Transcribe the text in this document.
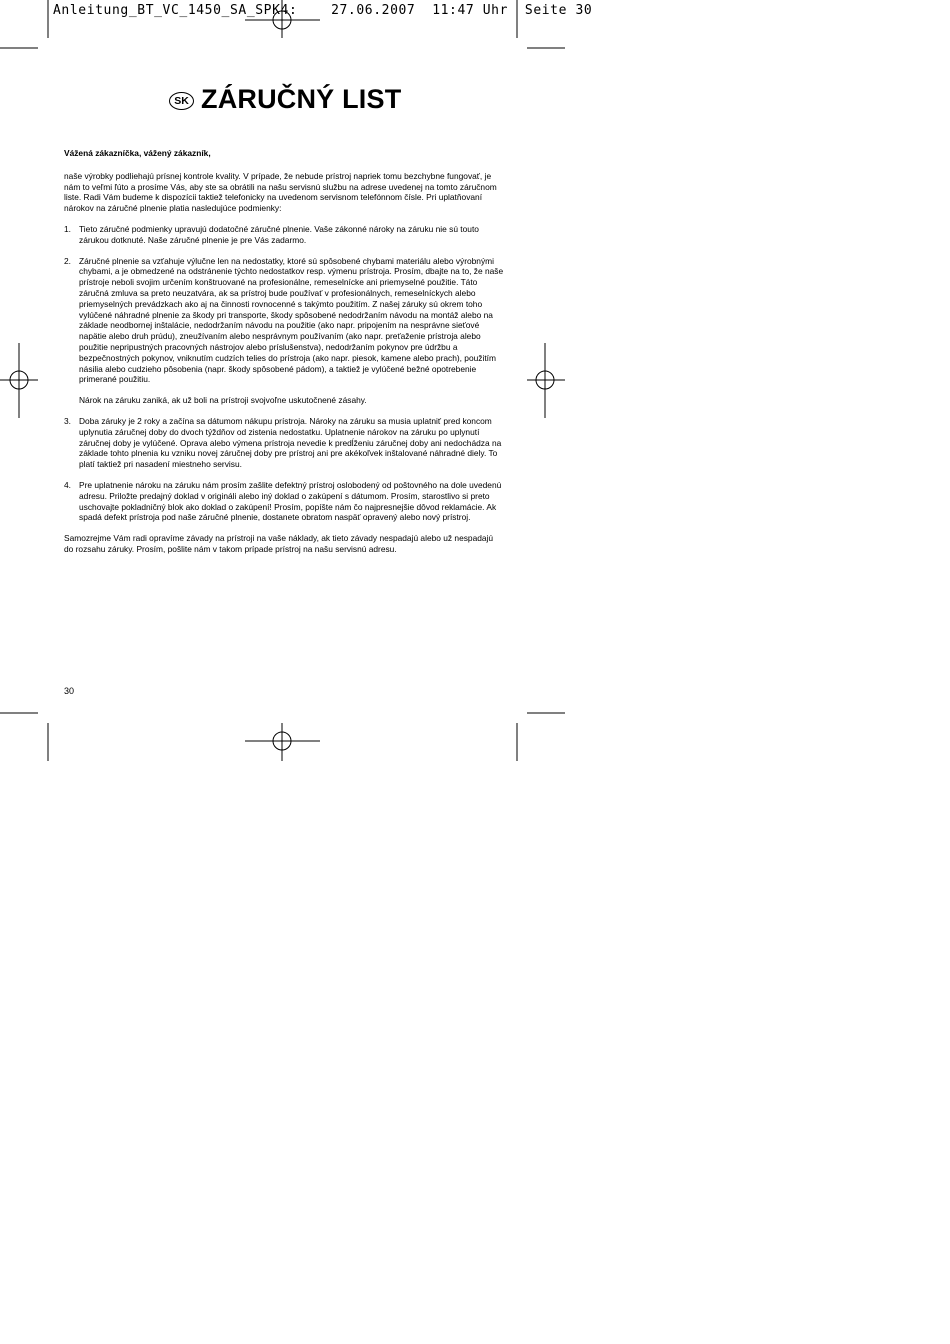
Anleitung_BT_VC_1450_SA_SPK4:    27.06.2007  11:47 Uhr  Seite 30
SK ZÁRUČNÝ LIST

Vážená zákazníčka, vážený zákazník,

naše výrobky podliehajú prísnej kontrole kvality. V prípade, že nebude prístroj napriek tomu bezchybne fungovať, je nám to veľmi ľúto a prosíme Vás, aby ste sa obrátili na našu servisnú službu na adrese uvedenej na tomto záručnom liste. Radi Vám budeme k dispozícii taktiež telefonicky na uvedenom servisnom telefónnom čísle. Pri uplatňovaní nárokov na záručné plnenie platia nasledujúce podmienky:

1. Tieto záručné podmienky upravujú dodatočné záručné plnenie. Vaše zákonné nároky na záruku nie sú touto zárukou dotknuté. Naše záručné plnenie je pre Vás zadarmo.
2. Záručné plnenie sa vzťahuje výlučne len na nedostatky, ktoré sú spôsobené chybami materiálu alebo výrobnými chybami, a je obmedzené na odstránenie týchto nedostatkov resp. výmenu prístroja. Prosím, dbajte na to, že naše prístroje neboli svojim určením konštruované na profesionálne, remeselnícke ani priemyselné použitie. Táto záručná zmluva sa preto neuzatvára, ak sa prístroj bude používať v profesionálnych, remeselníckych alebo priemyselných prevádzkach ako aj na činnosti rovnocenné s takýmto použitím. Z našej záruky sú okrem toho vylúčené náhradné plnenie za škody pri transporte, škody spôsobené nedodržaním návodu na montáž alebo na základe neodbornej inštalácie, nedodržaním návodu na použitie (ako napr. pripojením na nesprávne sieťové napätie alebo druh prúdu), zneužívaním alebo nesprávnym používaním (ako napr. preťaženie prístroja alebo použitie nepripustných pracovných nástrojov alebo príslušenstva), nedodržaním pokynov pre údržbu a bezpečnostných pokynov, vniknutím cudzích telies do prístroja (ako napr. piesok, kamene alebo prach), použitím násilia alebo cudzieho pôsobenia (napr. škody spôsobené pádom), a taktiež je vylúčené bežné opotrebenie primerané použitiu.
Nárok na záruku zaniká, ak už boli na prístroji svojvoľne uskutočnené zásahy.
3. Doba záruky je 2 roky a začína sa dátumom nákupu prístroja. Nároky na záruku sa musia uplatniť pred koncom uplynutia záručnej doby do dvoch týždňov od zistenia nedostatku. Uplatnenie nárokov na záruku po uplynutí záručnej doby je vylúčené. Oprava alebo výmena prístroja nevedie k predĺženiu záručnej doby ani nedochádza na základe tohto plnenia ku vzniku novej záručnej doby pre prístroj ani pre akékoľvek inštalované náhradné diely. To platí taktiež pri nasadení miestneho servisu.
4. Pre uplatnenie nároku na záruku nám prosím zašlite defektný prístroj oslobodený od poštovného na dole uvedenú adresu. Priložte predajný doklad v origináli alebo iný doklad o zakúpení s dátumom. Prosím, starostlivo si preto uschovajte pokladničný blok ako doklad o zakúpení! Prosím, popíšte nám čo najpresnejšie dôvod reklamácie. Ak spadá defekt prístroja pod naše záručné plnenie, dostanete obratom naspäť opravený alebo nový prístroj.

Samozrejme Vám radi opravíme závady na prístroji na vaše náklady, ak tieto závady nespadajú alebo už nespadajú do rozsahu záruky. Prosím, pošlite nám v takom prípade prístroj na našu servisnú adresu.

30
